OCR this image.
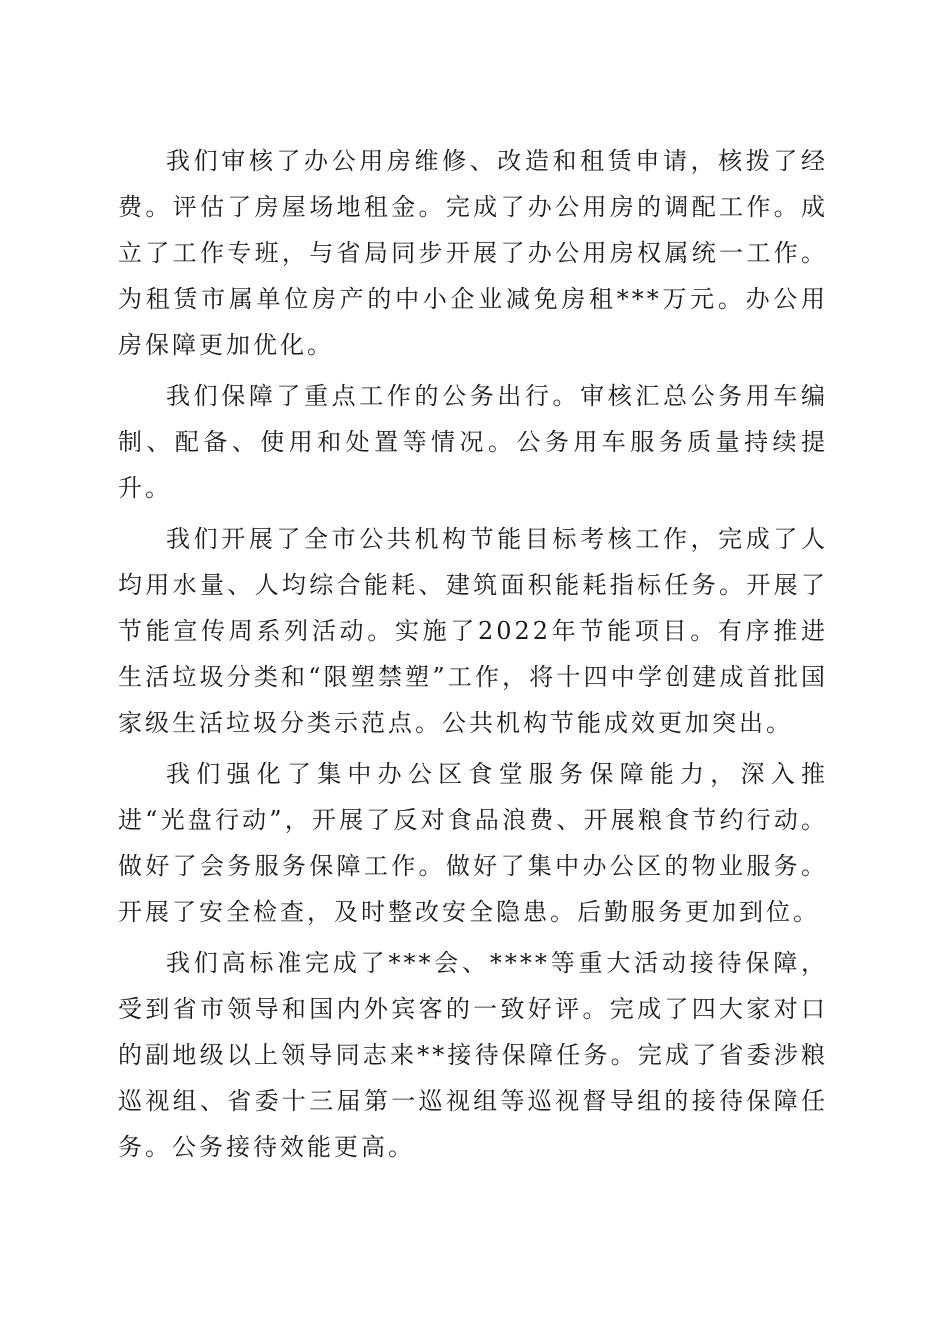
我们审核了办公用房维修、改造和租赁申请，核拨了经费。评估了房屋场地租金。完成了办公用房的调配工作。成立了工作专班，与省局同步开展了办公用房权属统一工作。为租赁市属单位房产的中小企业减免房租***万元。办公用房保障更加优化。

我们保障了重点工作的公务出行。审核汇总公务用车编制、配备、使用和处置等情况。公务用车服务质量持续提升。

我们开展了全市公共机构节能目标考核工作，完成了人均用水量、人均综合能耗、建筑面积能耗指标任务。开展了节能宣传周系列活动。实施了2022年节能项目。有序推进生活垃圾分类和“限塑禁塑”工作，将十四中学创建成首批国家级生活垃圾分类示范点。公共机构节能成效更加突出。

我们强化了集中办公区食堂服务保障能力，深入推进“光盘行动”，开展了反对食品浪费、开展粮食节约行动。做好了会务服务保障工作。做好了集中办公区的物业服务。开展了安全检查，及时整改安全隐患。后勤服务更加到位。

我们高标准完成了***会、****等重大活动接待保障，受到省市领导和国内外宾客的一致好评。完成了四大家对口的副地级以上领导同志来**接待保障任务。完成了省委涉粮巡视组、省委十三届第一巡视组等巡视督导组的接待保障任务。公务接待效能更高。
